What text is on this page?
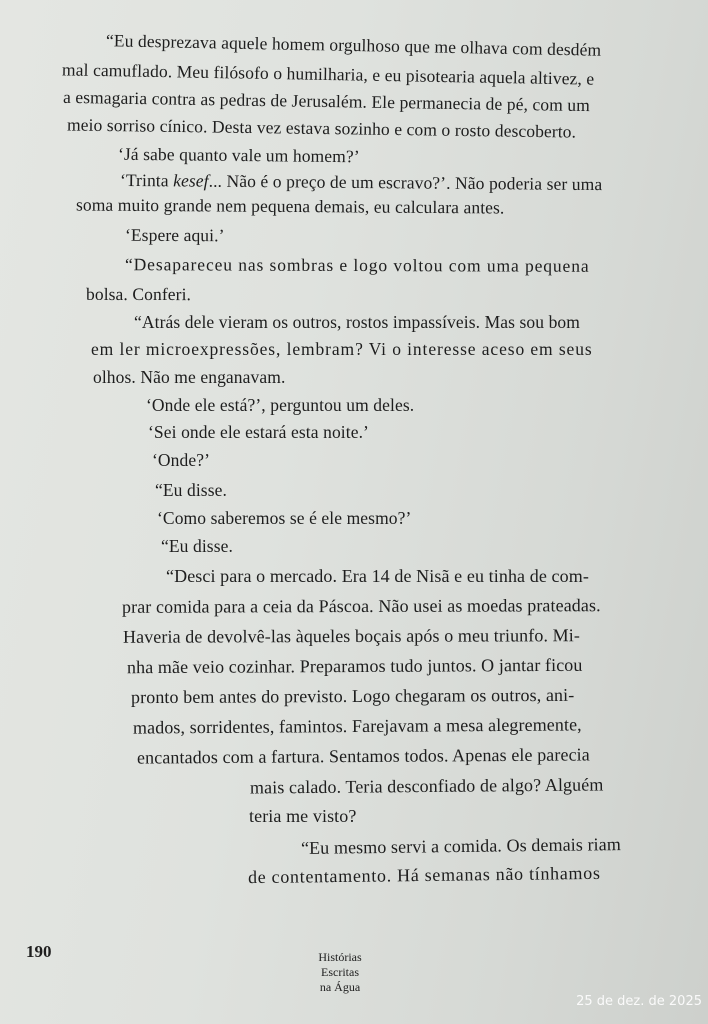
“Eu desprezava aquele homem orgulhoso que me olhava com desdém
mal camuflado. Meu filósofo o humilharia, e eu pisotearia aquela altivez, e
a esmagaria contra as pedras de Jerusalém. Ele permanecia de pé, com um
meio sorriso cínico. Desta vez estava sozinho e com o rosto descoberto.
‘Já sabe quanto vale um homem?’
‘Trinta kesef... Não é o preço de um escravo?’. Não poderia ser uma
soma muito grande nem pequena demais, eu calculara antes.
‘Espere aqui.’
“Desapareceu nas sombras e logo voltou com uma pequena
bolsa. Conferi.
“Atrás dele vieram os outros, rostos impassíveis. Mas sou bom
em ler microexpressões, lembram? Vi o interesse aceso em seus
olhos. Não me enganavam.
‘Onde ele está?’, perguntou um deles.
‘Sei onde ele estará esta noite.’
‘Onde?’
“Eu disse.
‘Como saberemos se é ele mesmo?’
“Eu disse.
“Desci para o mercado. Era 14 de Nisã e eu tinha de com-
prar comida para a ceia da Páscoa. Não usei as moedas prateadas.
Haveria de devolvê-las àqueles boçais após o meu triunfo. Mi-
nha mãe veio cozinhar. Preparamos tudo juntos. O jantar ficou
pronto bem antes do previsto. Logo chegaram os outros, ani-
mados, sorridentes, famintos. Farejavam a mesa alegremente,
encantados com a fartura. Sentamos todos. Apenas ele parecia
mais calado. Teria desconfiado de algo? Alguém
teria me visto?
“Eu mesmo servi a comida. Os demais riam
de contentamento. Há semanas não tínhamos
190	Histórias
Escritas
na Água
25 de dez. de 2025
